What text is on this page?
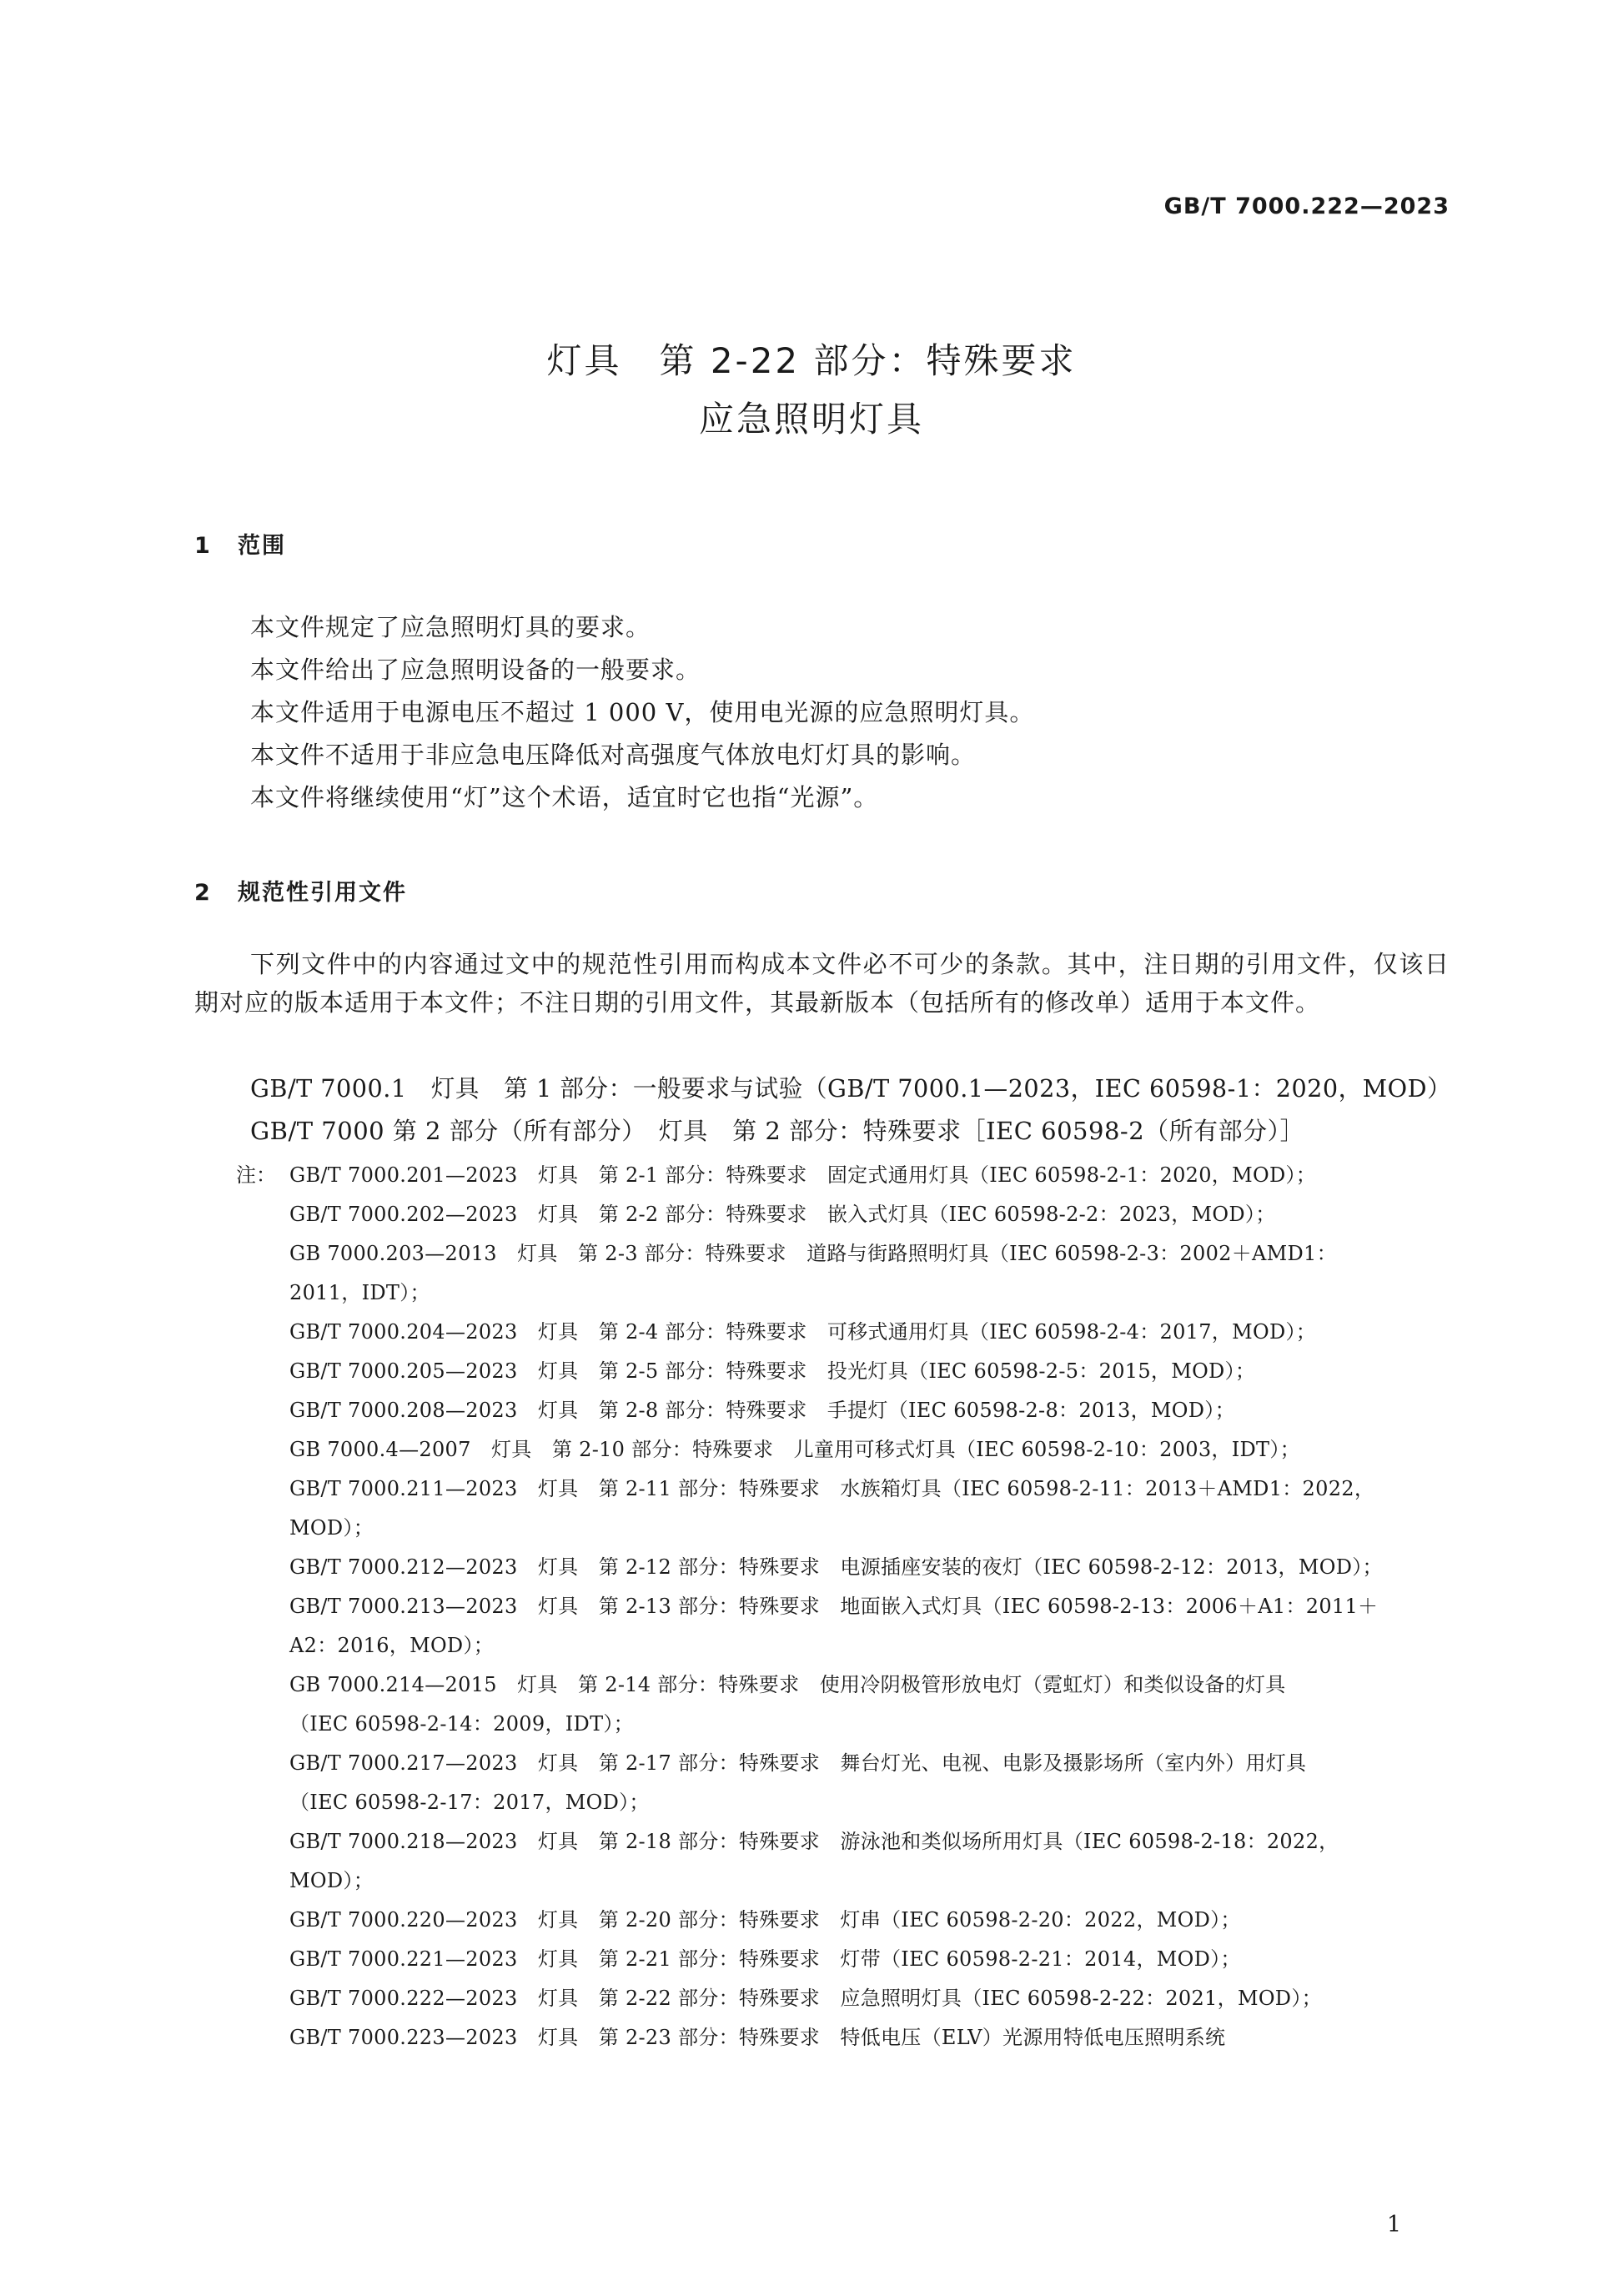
GB/T 7000.222—2023
灯具　第 2-22 部分：特殊要求
应急照明灯具
1 范围
本文件规定了应急照明灯具的要求。
本文件给出了应急照明设备的一般要求。
本文件适用于电源电压不超过 1 000 V，使用电光源的应急照明灯具。
本文件不适用于非应急电压降低对高强度气体放电灯灯具的影响。
本文件将继续使用“灯”这个术语，适宜时它也指“光源”。
2 规范性引用文件
下列文件中的内容通过文中的规范性引用而构成本文件必不可少的条款。其中，注日期的引用文件，仅该日期对应的版本适用于本文件；不注日期的引用文件，其最新版本（包括所有的修改单）适用于本文件。
GB/T 7000.1　灯具　第 1 部分：一般要求与试验（GB/T 7000.1—2023，IEC 60598-1：2020，MOD）
GB/T 7000 第 2 部分（所有部分）　灯具　第 2 部分：特殊要求［IEC 60598-2（所有部分）］
注： GB/T 7000.201—2023　灯具　第 2-1 部分：特殊要求　固定式通用灯具（IEC 60598-2-1：2020，MOD）；
GB/T 7000.202—2023　灯具　第 2-2 部分：特殊要求　嵌入式灯具（IEC 60598-2-2：2023，MOD）；
GB 7000.203—2013　灯具　第 2-3 部分：特殊要求　道路与街路照明灯具（IEC 60598-2-3：2002＋AMD1：
2011，IDT）；
GB/T 7000.204—2023　灯具　第 2-4 部分：特殊要求　可移式通用灯具（IEC 60598-2-4：2017，MOD）；
GB/T 7000.205—2023　灯具　第 2-5 部分：特殊要求　投光灯具（IEC 60598-2-5：2015，MOD）；
GB/T 7000.208—2023　灯具　第 2-8 部分：特殊要求　手提灯（IEC 60598-2-8：2013，MOD）；
GB 7000.4—2007　灯具　第 2-10 部分：特殊要求　儿童用可移式灯具（IEC 60598-2-10：2003，IDT）；
GB/T 7000.211—2023　灯具　第 2-11 部分：特殊要求　水族箱灯具（IEC 60598-2-11：2013＋AMD1：2022，
MOD）；
GB/T 7000.212—2023　灯具　第 2-12 部分：特殊要求　电源插座安装的夜灯（IEC 60598-2-12：2013，MOD）；
GB/T 7000.213—2023　灯具　第 2-13 部分：特殊要求　地面嵌入式灯具（IEC 60598-2-13：2006＋A1：2011＋
A2：2016，MOD）；
GB 7000.214—2015　灯具　第 2-14 部分：特殊要求　使用冷阴极管形放电灯（霓虹灯）和类似设备的灯具
（IEC 60598-2-14：2009，IDT）；
GB/T 7000.217—2023　灯具　第 2-17 部分：特殊要求　舞台灯光、电视、电影及摄影场所（室内外）用灯具
（IEC 60598-2-17：2017，MOD）；
GB/T 7000.218—2023　灯具　第 2-18 部分：特殊要求　游泳池和类似场所用灯具（IEC 60598-2-18：2022，
MOD）；
GB/T 7000.220—2023　灯具　第 2-20 部分：特殊要求　灯串（IEC 60598-2-20：2022，MOD）；
GB/T 7000.221—2023　灯具　第 2-21 部分：特殊要求　灯带（IEC 60598-2-21：2014，MOD）；
GB/T 7000.222—2023　灯具　第 2-22 部分：特殊要求　应急照明灯具（IEC 60598-2-22：2021，MOD）；
GB/T 7000.223—2023　灯具　第 2-23 部分：特殊要求　特低电压（ELV）光源用特低电压照明系统
1
